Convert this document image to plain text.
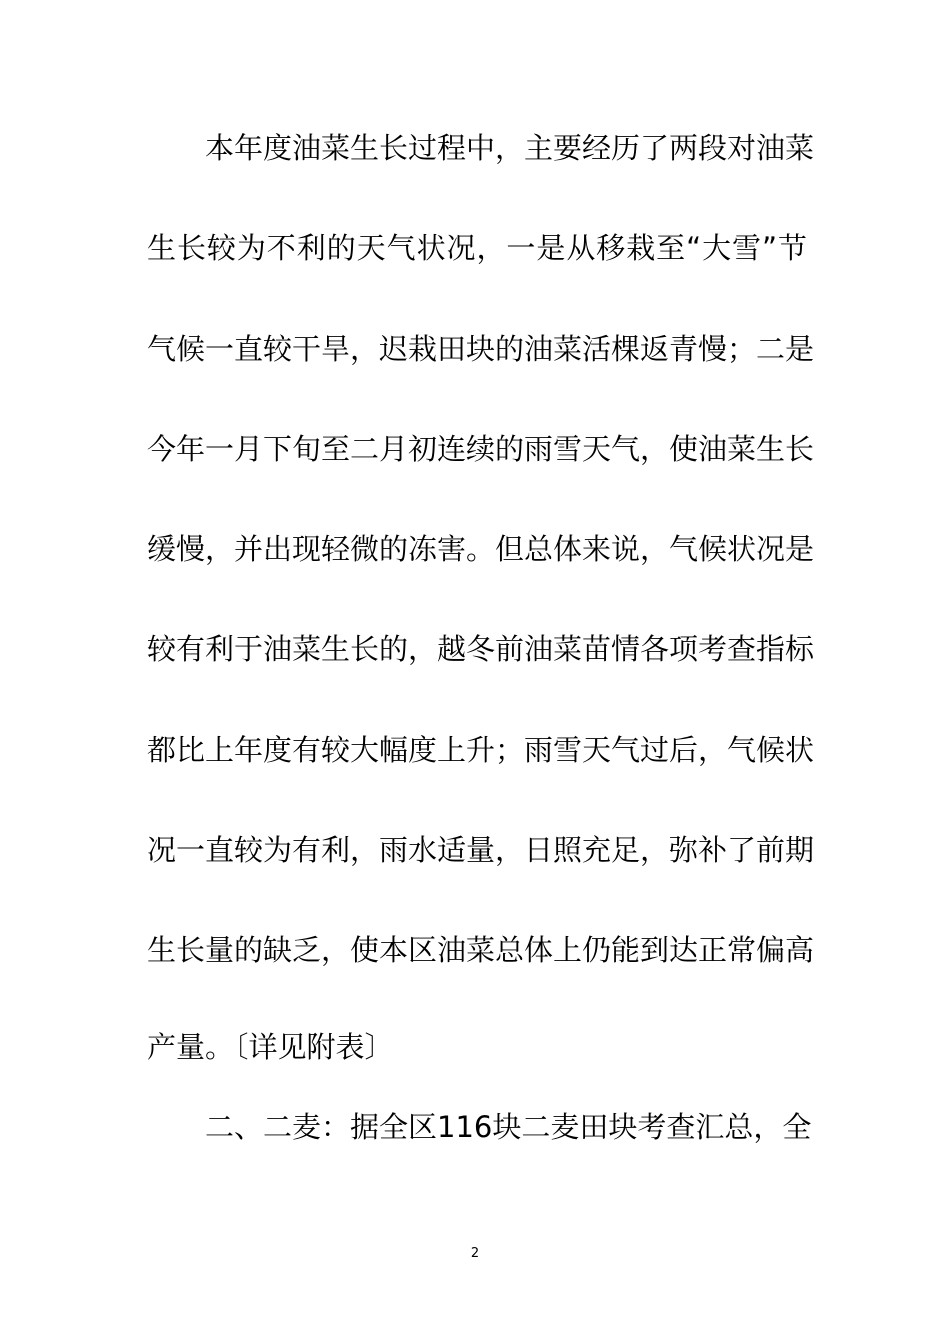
本年度油菜生长过程中，主要经历了两段对油菜
生长较为不利的天气状况，一是从移栽至“大雪”节
气候一直较干旱，迟栽田块的油菜活棵返青慢；二是
今年一月下旬至二月初连续的雨雪天气，使油菜生长
缓慢，并出现轻微的冻害。但总体来说，气候状况是
较有利于油菜生长的，越冬前油菜苗情各项考查指标
都比上年度有较大幅度上升；雨雪天气过后，气候状
况一直较为有利，雨水适量，日照充足，弥补了前期
生长量的缺乏，使本区油菜总体上仍能到达正常偏高
产量。〔详见附表〕
二、二麦：据全区116块二麦田块考查汇总，全
2
